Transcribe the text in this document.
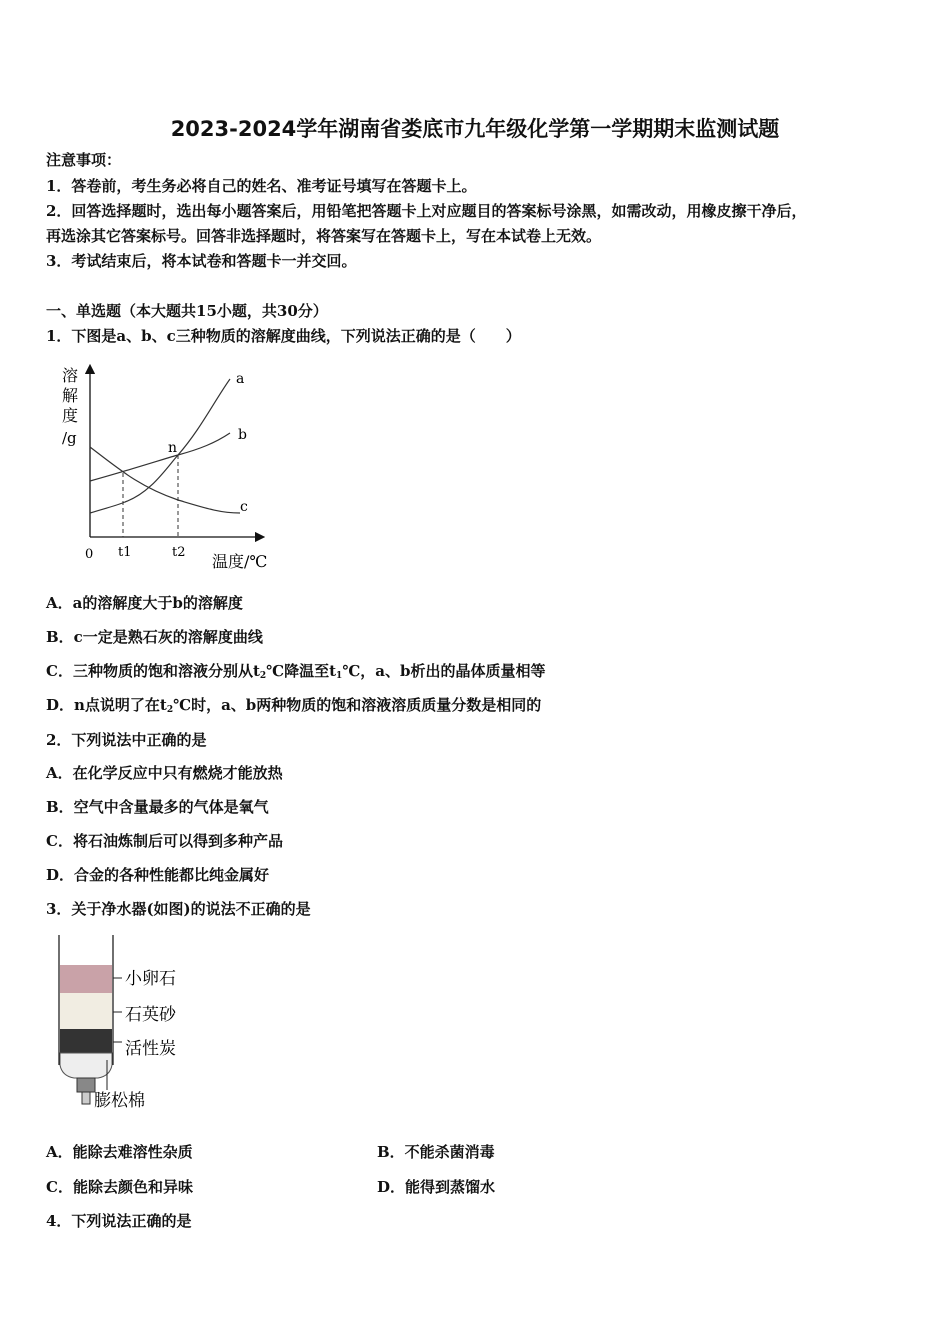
2023-2024学年湖南省娄底市九年级化学第一学期期末监测试题
注意事项：
1．答卷前，考生务必将自己的姓名、准考证号填写在答题卡上。
2．回答选择题时，选出每小题答案后，用铅笔把答题卡上对应题目的答案标号涂黑，如需改动，用橡皮擦干净后，
再选涂其它答案标号。回答非选择题时，将答案写在答题卡上，写在本试卷上无效。
3．考试结束后，将本试卷和答题卡一并交回。
一、单选题（本大题共15小题，共30分）
1．下图是a、b、c三种物质的溶解度曲线，下列说法正确的是（　　）
溶
解
度
/g
a
b
c
n
0 t1	t2 温度/℃
A．a的溶解度大于b的溶解度
B．c一定是熟石灰的溶解度曲线
C．三种物质的饱和溶液分别从$t_2℃$降温至$t_1℃$，a、b析出的晶体质量相等
D．n点说明了在$t_2℃$时，a、b两种物质的饱和溶液溶质质量分数是相同的
2．下列说法中正确的是
A．在化学反应中只有燃烧才能放热
B．空气中含量最多的气体是氧气
C．将石油炼制后可以得到多种产品
D．合金的各种性能都比纯金属好
3．关于净水器(如图)的说法不正确的是
小卵石
石英砂
活性炭
膨松棉
A．能除去难溶性杂质	B．不能杀菌消毒
C．能除去颜色和异味	D．能得到蒸馏水
4．下列说法正确的是
